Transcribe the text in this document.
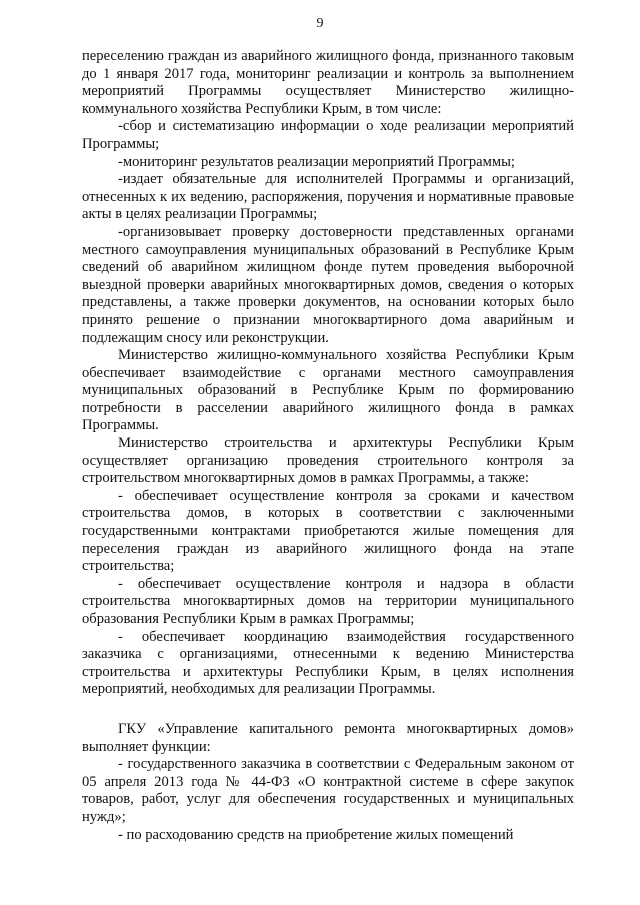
9

переселению граждан из аварийного жилищного фонда, признанного таковым до 1 января 2017 года, мониторинг реализации и контроль за выполнением мероприятий Программы осуществляет Министерство жилищно-коммунального хозяйства Республики Крым, в том числе:

-сбор и систематизацию информации о ходе реализации мероприятий Программы;

-мониторинг результатов реализации мероприятий Программы;

-издает обязательные для исполнителей Программы и организаций, отнесенных к их ведению, распоряжения, поручения и нормативные правовые акты в целях реализации Программы;

-организовывает проверку достоверности представленных органами местного самоуправления муниципальных образований в Республике Крым сведений об аварийном жилищном фонде путем проведения выборочной выездной проверки аварийных многоквартирных домов, сведения о которых представлены, а также проверки документов, на основании которых было принято решение о признании многоквартирного дома аварийным и подлежащим сносу или реконструкции.

Министерство жилищно-коммунального хозяйства Республики Крым обеспечивает взаимодействие с органами местного самоуправления муниципальных образований в Республике Крым по формированию потребности в расселении аварийного жилищного фонда в рамках Программы.

Министерство строительства и архитектуры Республики Крым осуществляет организацию проведения строительного контроля за строительством многоквартирных домов в рамках Программы, а также:

- обеспечивает осуществление контроля за сроками и качеством строительства домов, в которых в соответствии с заключенными государственными контрактами приобретаются жилые помещения для переселения граждан из аварийного жилищного фонда на этапе строительства;

- обеспечивает осуществление контроля и надзора в области строительства многоквартирных домов на территории муниципального образования Республики Крым в рамках Программы;

- обеспечивает координацию взаимодействия государственного заказчика с организациями, отнесенными к ведению Министерства строительства и архитектуры Республики Крым, в целях исполнения мероприятий, необходимых для реализации Программы.

ГКУ «Управление капитального ремонта многоквартирных домов» выполняет функции:

- государственного заказчика в соответствии с Федеральным законом от 05 апреля 2013 года № 44-ФЗ «О контрактной системе в сфере закупок товаров, работ, услуг для обеспечения государственных и муниципальных нужд»;

- по расходованию средств на приобретение жилых помещений
